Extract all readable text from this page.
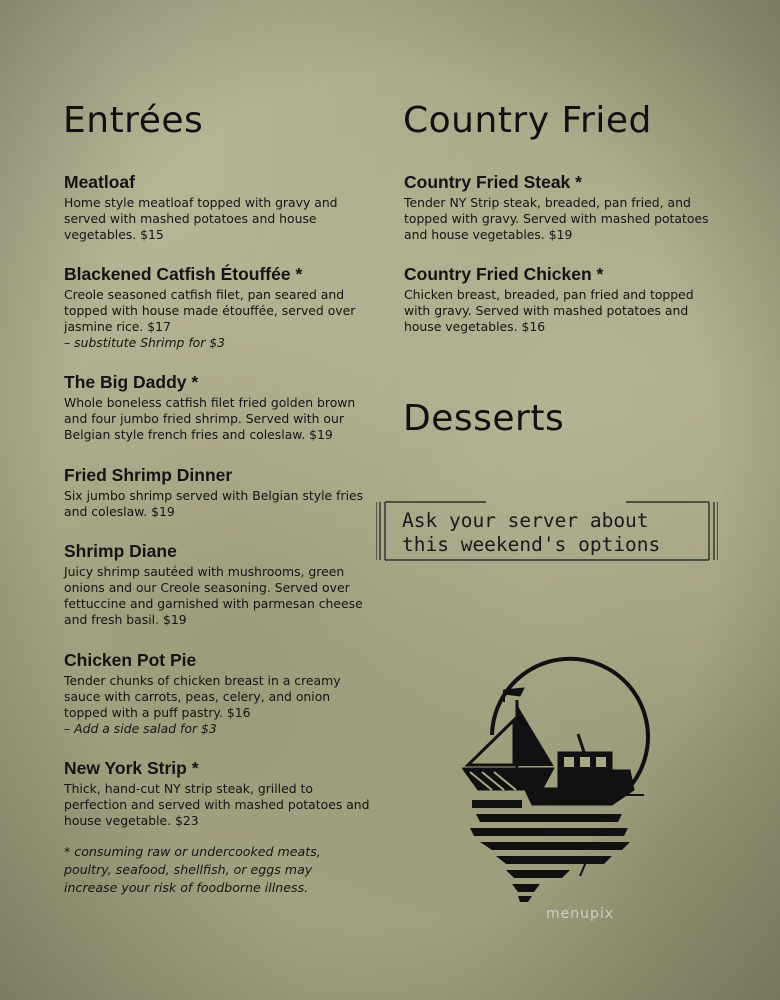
Entrées	Country Fried
Desserts

Meatloaf

Home style meatloaf topped with gravy and served with mashed potatoes and house vegetables. $15

Blackened Catfish Étouffée *

Creole seasoned catfish filet, pan seared and topped with house made étouffée, served over jasmine rice. $17

– substitute Shrimp for $3

The Big Daddy *

Whole boneless catfish filet fried golden brown and four jumbo fried shrimp. Served with our Belgian style french fries and coleslaw. $19

Fried Shrimp Dinner

Six jumbo shrimp served with Belgian style fries and coleslaw. $19

Shrimp Diane

Juicy shrimp sautéed with mushrooms, green onions and our Creole seasoning. Served over fettuccine and garnished with parmesan cheese and fresh basil. $19

Chicken Pot Pie

Tender chunks of chicken breast in a creamy sauce with carrots, peas, celery, and onion topped with a puff pastry. $16

– Add a side salad for $3

New York Strip *

Thick, hand-cut NY strip steak, grilled to perfection and served with mashed potatoes and house vegetable. $23

* consuming raw or undercooked meats, poultry, seafood, shellfish, or eggs may increase your risk of foodborne illness.

Country Fried Steak *

Tender NY Strip steak, breaded, pan fried, and topped with gravy. Served with mashed potatoes and house vegetables. $19

Country Fried Chicken *

Chicken breast, breaded, pan fried and topped with gravy. Served with mashed potatoes and house vegetables. $16

Ask your server about this weekend's options
menupix
